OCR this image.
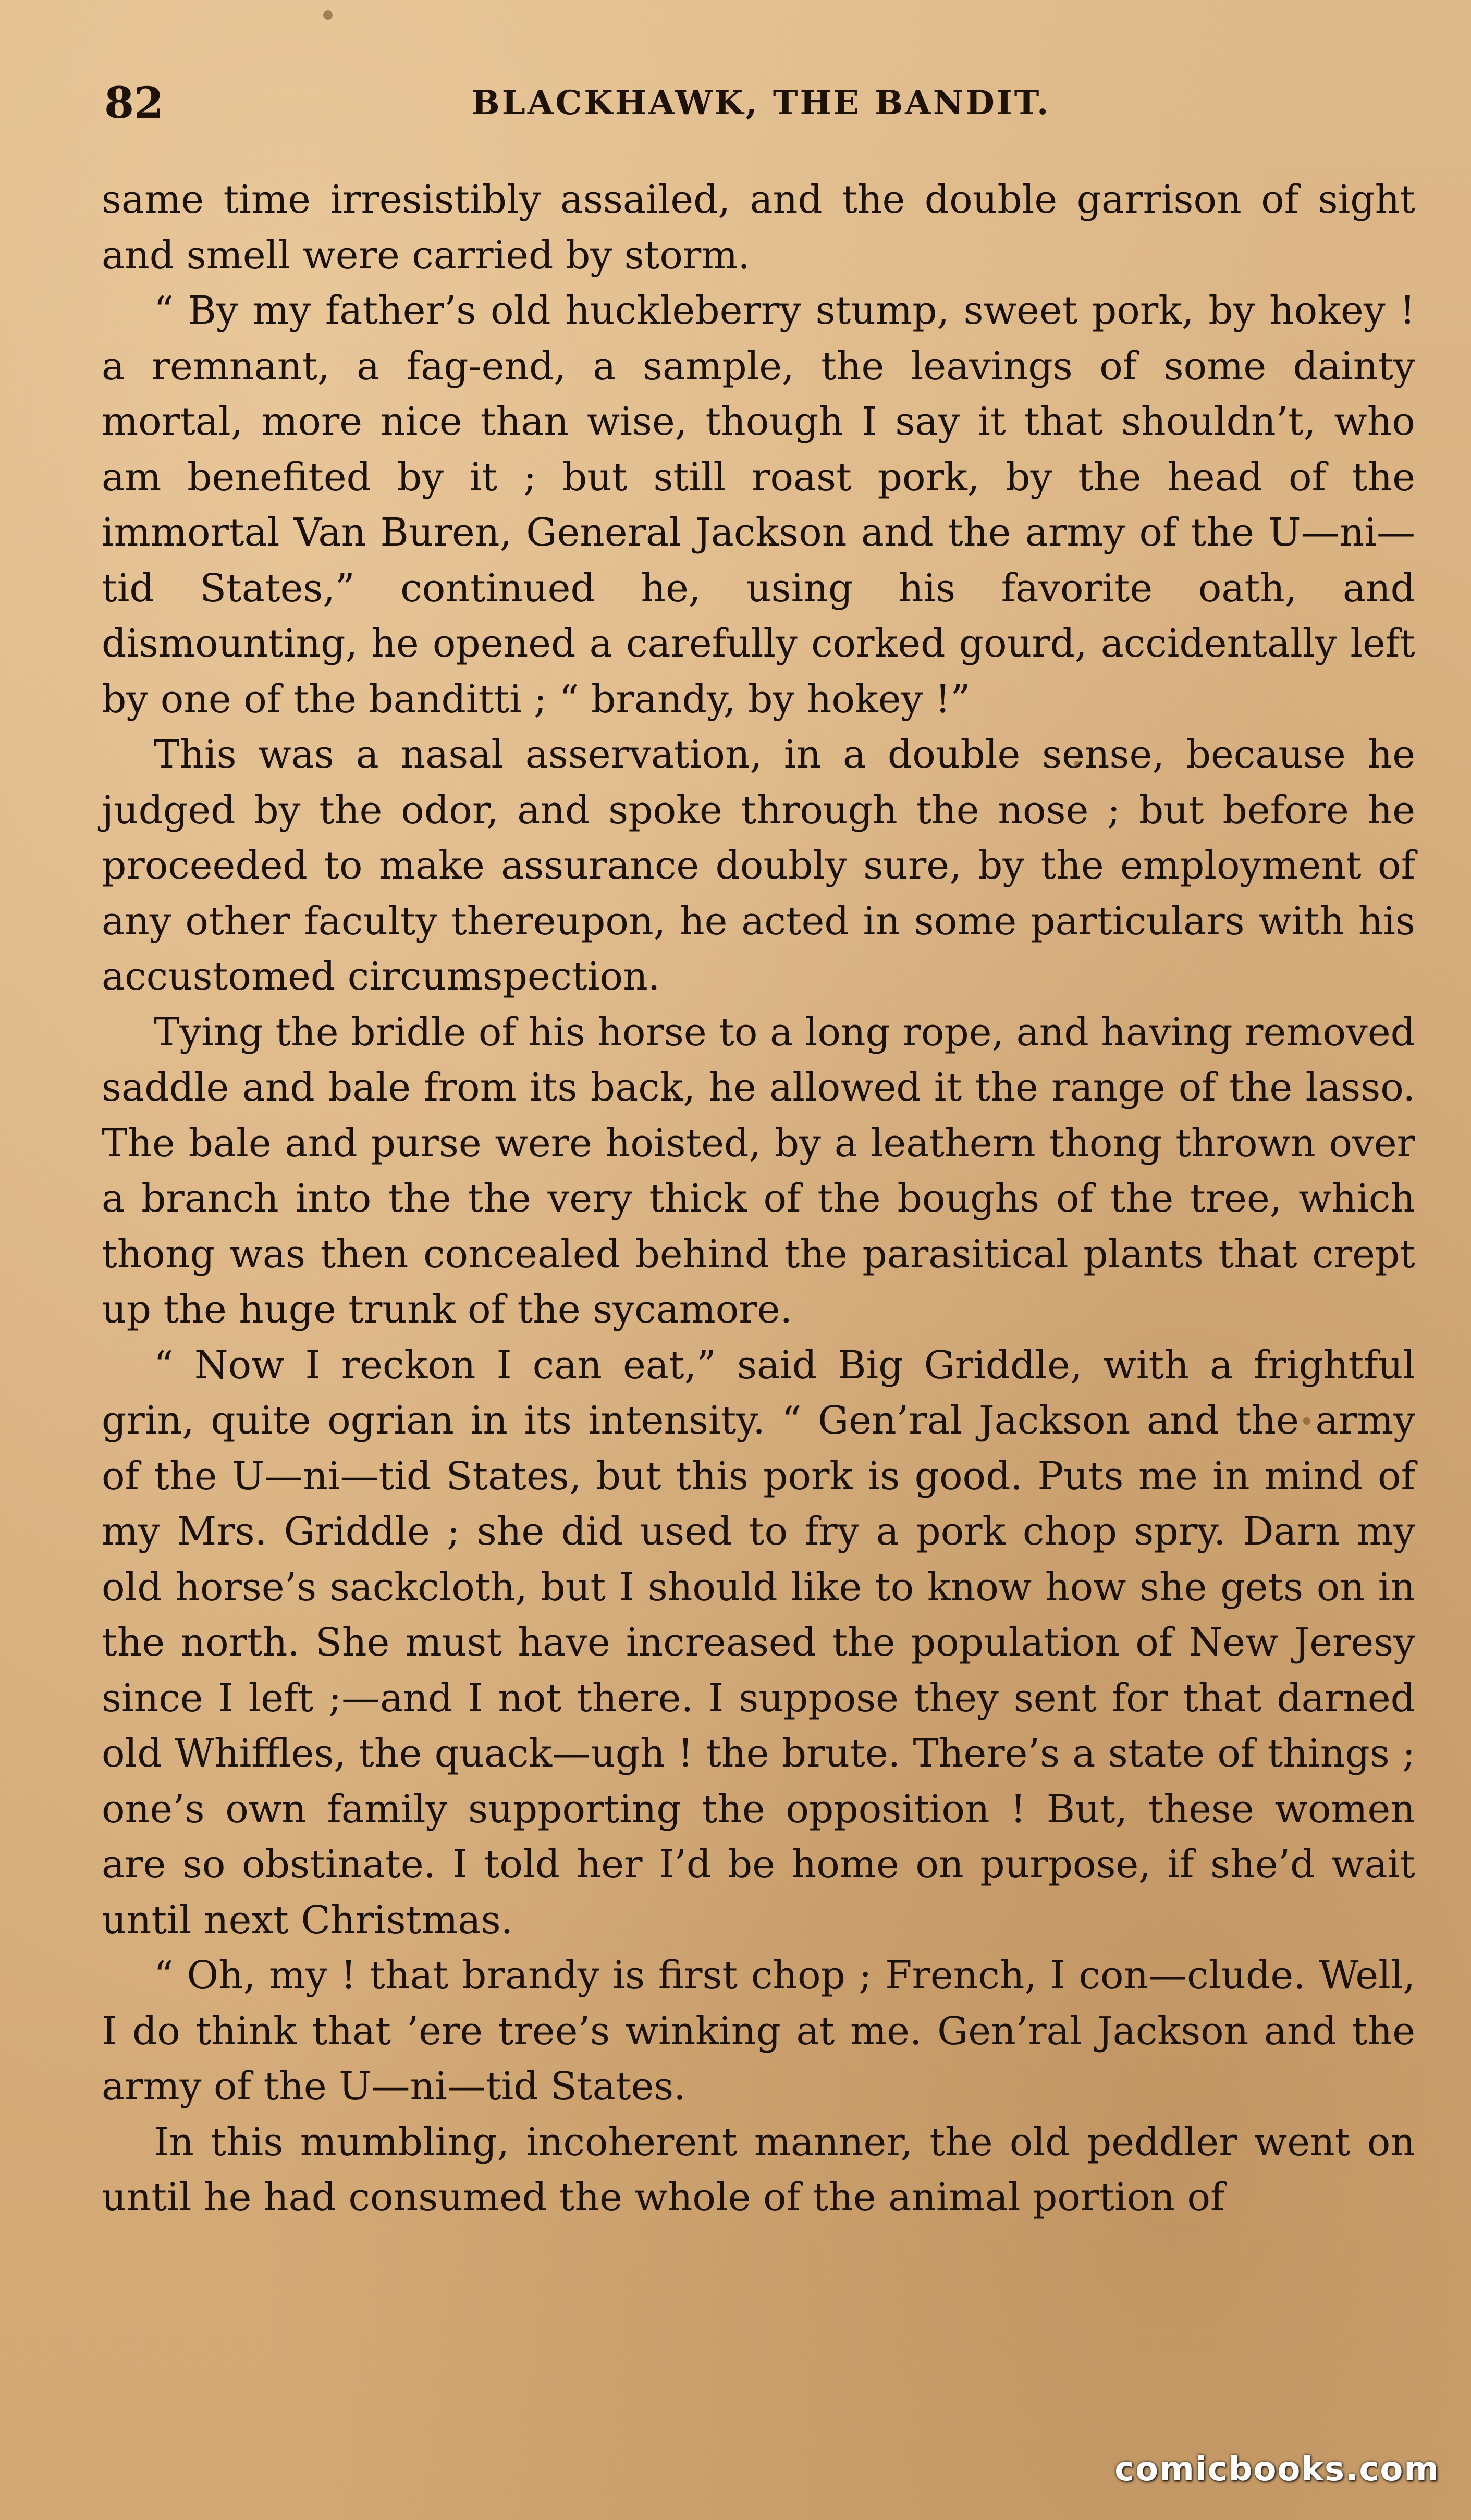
82	BLACKHAWK, THE BANDIT.

same time irresistibly assailed, and the double garrison of sight and smell were carried by storm.

“ By my father’s old huckleberry stump, sweet pork, by hokey ! a remnant, a fag-end, a sample, the leavings of some dainty mortal, more nice than wise, though I say it that shouldn’t, who am benefited by it ; but still roast pork, by the head of the immortal Van Buren, General Jackson and the army of the U—ni—tid States,” continued he, using his favorite oath, and dismounting, he opened a carefully corked gourd, accidentally left by one of the banditti ; “ brandy, by hokey !”

This was a nasal asservation, in a double sense, because he judged by the odor, and spoke through the nose ; but before he proceeded to make assurance doubly sure, by the employment of any other faculty thereupon, he acted in some particulars with his accustomed circumspection.

Tying the bridle of his horse to a long rope, and having removed saddle and bale from its back, he allowed it the range of the lasso. The bale and purse were hoisted, by a leathern thong thrown over a branch into the the very thick of the boughs of the tree, which thong was then concealed behind the parasitical plants that crept up the huge trunk of the sycamore.

“ Now I reckon I can eat,” said Big Griddle, with a frightful grin, quite ogrian in its intensity. “ Gen’ral Jackson and the army of the U—ni—tid States, but this pork is good. Puts me in mind of my Mrs. Griddle ; she did used to fry a pork chop spry. Darn my old horse’s sackcloth, but I should like to know how she gets on in the north. She must have increased the population of New Jeresy since I left ;—and I not there. I suppose they sent for that darned old Whiffles, the quack—ugh ! the brute. There’s a state of things ; one’s own family supporting the opposition ! But, these women are so obstinate. I told her I’d be home on purpose, if she’d wait until next Christmas.

“ Oh, my ! that brandy is first chop ; French, I con—clude. Well, I do think that ’ere tree’s winking at me. Gen’ral Jackson and the army of the U—ni—tid States.

In this mumbling, incoherent manner, the old peddler went on until he had consumed the whole of the animal portion of

comicbooks.com
